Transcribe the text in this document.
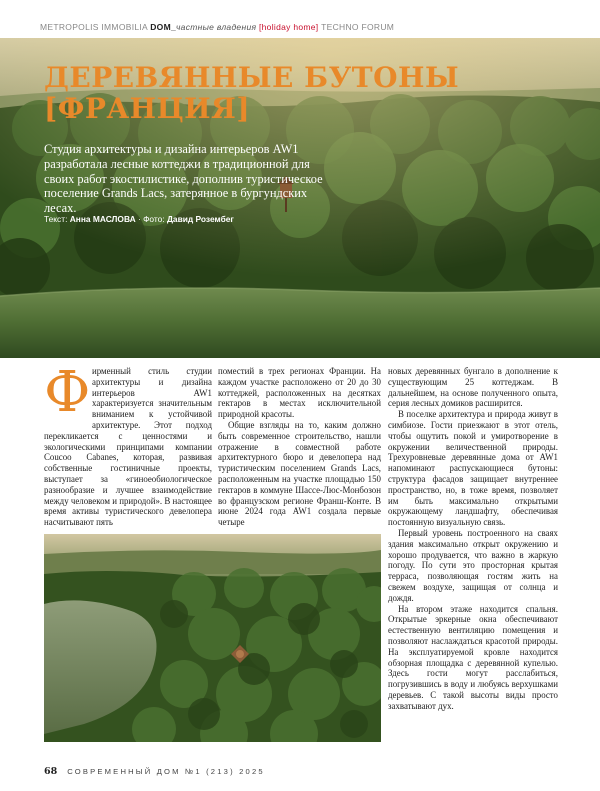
METROPOLIS IMMOBILIA DOM_частные владения [holiday home] TECHNO FORUM
ДЕРЕВЯННЫЕ БУТОНЫ [ФРАНЦИЯ]
Студия архитектуры и дизайна интерьеров AW1 разработала лесные коттеджи в традиционной для своих работ экостилистике, дополнив туристическое поселение Grands Lacs, затерянное в бургундских лесах.
Текст: Анна МАСЛОВА · Фото: Давид Розембег

Фирменный стиль студии архитектуры и дизайна интерьеров AW1 характеризуется значительным вниманием к устойчивой архитектуре. Этот подход перекликается с ценностями и экологическими принципами компании Coucoo Cabanes, которая, развивая собственные гостиничные проекты, выступает за «гиноеобиологическое разнообразие и лучшее взаимодействие между человеком и природой». В настоящее время активы туристического девелопера насчитывают пять

поместий в трех регионах Франции. На каждом участке расположено от 20 до 30 коттеджей, расположенных на десятках гектаров в местах исключительной природной красоты.

Общие взгляды на то, каким должно быть современное строительство, нашли отражение в совместной работе архитектурного бюро и девелопера над туристическим поселением Grands Lacs, расположенным на участке площадью 150 гектаров в коммуне Шассе-Люс-Монбозон во французском регионе Франш-Конте. В июне 2024 года AW1 создала первые четыре

новых деревянных бунгало в дополнение к существующим 25 коттеджам. В дальнейшем, на основе полученного опыта, серия лесных домиков расширится.

В поселке архитектура и природа живут в симбиозе. Гости приезжают в этот отель, чтобы ощутить покой и умиротворение в окружении величественной природы. Трехуровневые деревянные дома от AW1 напоминают распускающиеся бутоны: структура фасадов защищает внутреннее пространство, но, в тоже время, позволяет им быть максимально открытыми окружающему ландшафту, обеспечивая постоянную визуальную связь.

Первый уровень построенного на сваях здания максимально открыт окружению и хорошо продувается, что важно в жаркую погоду. По сути это просторная крытая терраса, позволяющая гостям жить на свежем воздухе, защищая от солнца и дождя.

На втором этаже находится спальня. Открытые эркерные окна обеспечивают естественную вентиляцию помещения и позволяют наслаждаться красотой природы. На эксплуатируемой кровле находится обзорная площадка с деревянной купелью. Здесь гости могут расслабиться, погрузившись в воду и любуясь верхушками деревьев. С такой высоты виды просто захватывают дух.

68 СОВРЕМЕННЫЙ ДОМ №1 (213) 2025
